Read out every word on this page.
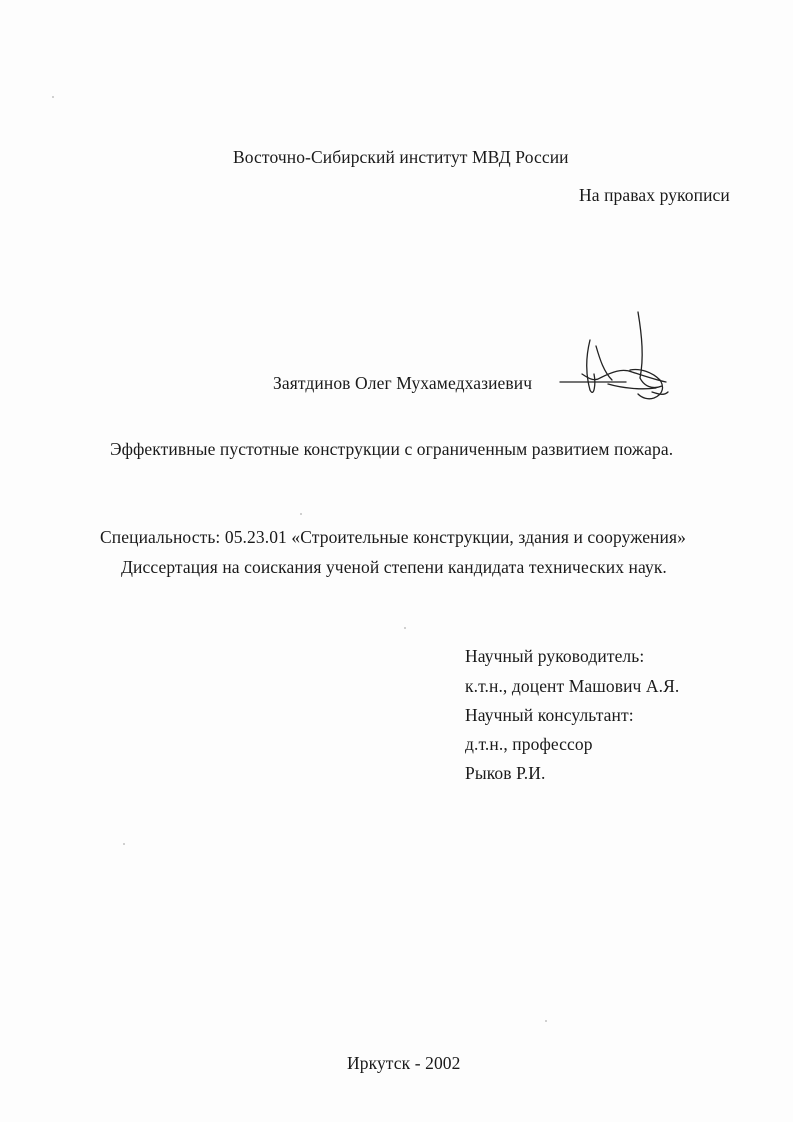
Восточно-Сибирский институт МВД России
На правах рукописи
Заятдинов Олег Мухамедхазиевич
Эффективные пустотные конструкции с ограниченным развитием пожара.
Специальность: 05.23.01 «Строительные конструкции, здания и сооружения»
Диссертация на соискания ученой степени кандидата технических наук.
Научный руководитель:
к.т.н., доцент Машович А.Я.
Научный консультант:
д.т.н., профессор
Рыков Р.И.
Иркутск - 2002
